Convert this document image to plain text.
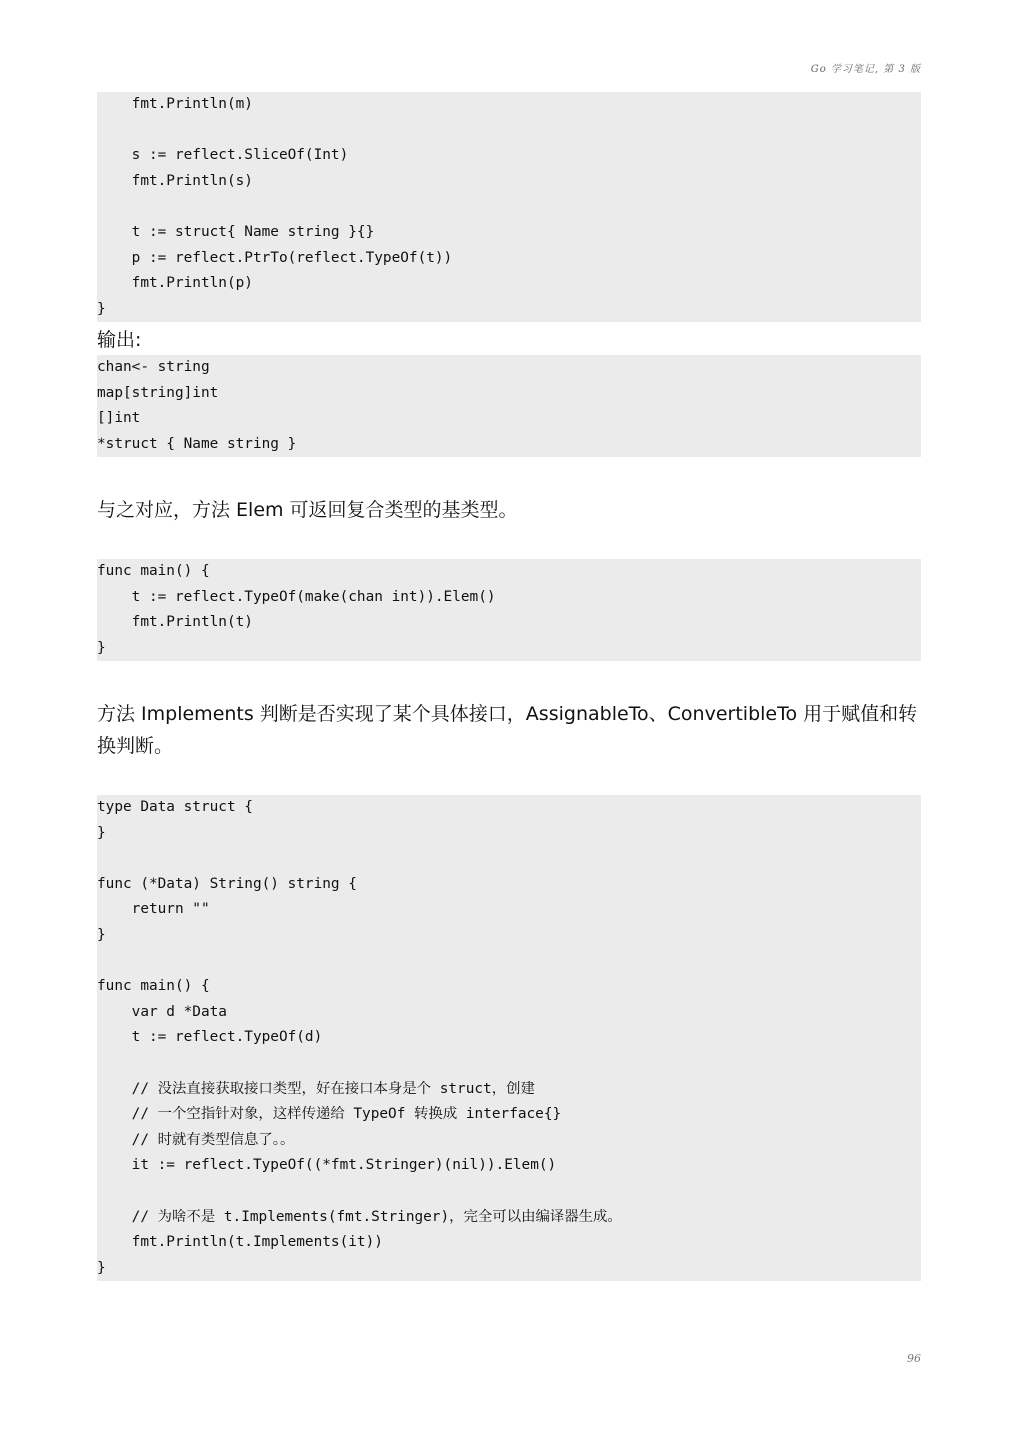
Go 学习笔记, 第 3 版
fmt.Println(m)
s := reflect.SliceOf(Int)
fmt.Println(s)
t := struct{ Name string }{}
p := reflect.PtrTo(reflect.TypeOf(t))
fmt.Println(p)
}
输出:
chan<- string
map[string]int
[]int
*struct { Name string }

与之对应，方法 Elem 可返回复合类型的基类型。

func main() {
t := reflect.TypeOf(make(chan int)).Elem()
fmt.Println(t)
}

方法 Implements 判断是否实现了某个具体接口，AssignableTo、ConvertibleTo 用于赋值和转换判断。

type Data struct {
}
func (*Data) String() string {
return ""
}
func main() {
var d *Data
t := reflect.TypeOf(d)
// 没法直接获取接口类型，好在接口本身是个 struct，创建
// 一个空指针对象，这样传递给 TypeOf 转换成 interface{}
// 时就有类型信息了。。
it := reflect.TypeOf((*fmt.Stringer)(nil)).Elem()
// 为啥不是 t.Implements(fmt.Stringer)，完全可以由编译器生成。
fmt.Println(t.Implements(it))
}
96
